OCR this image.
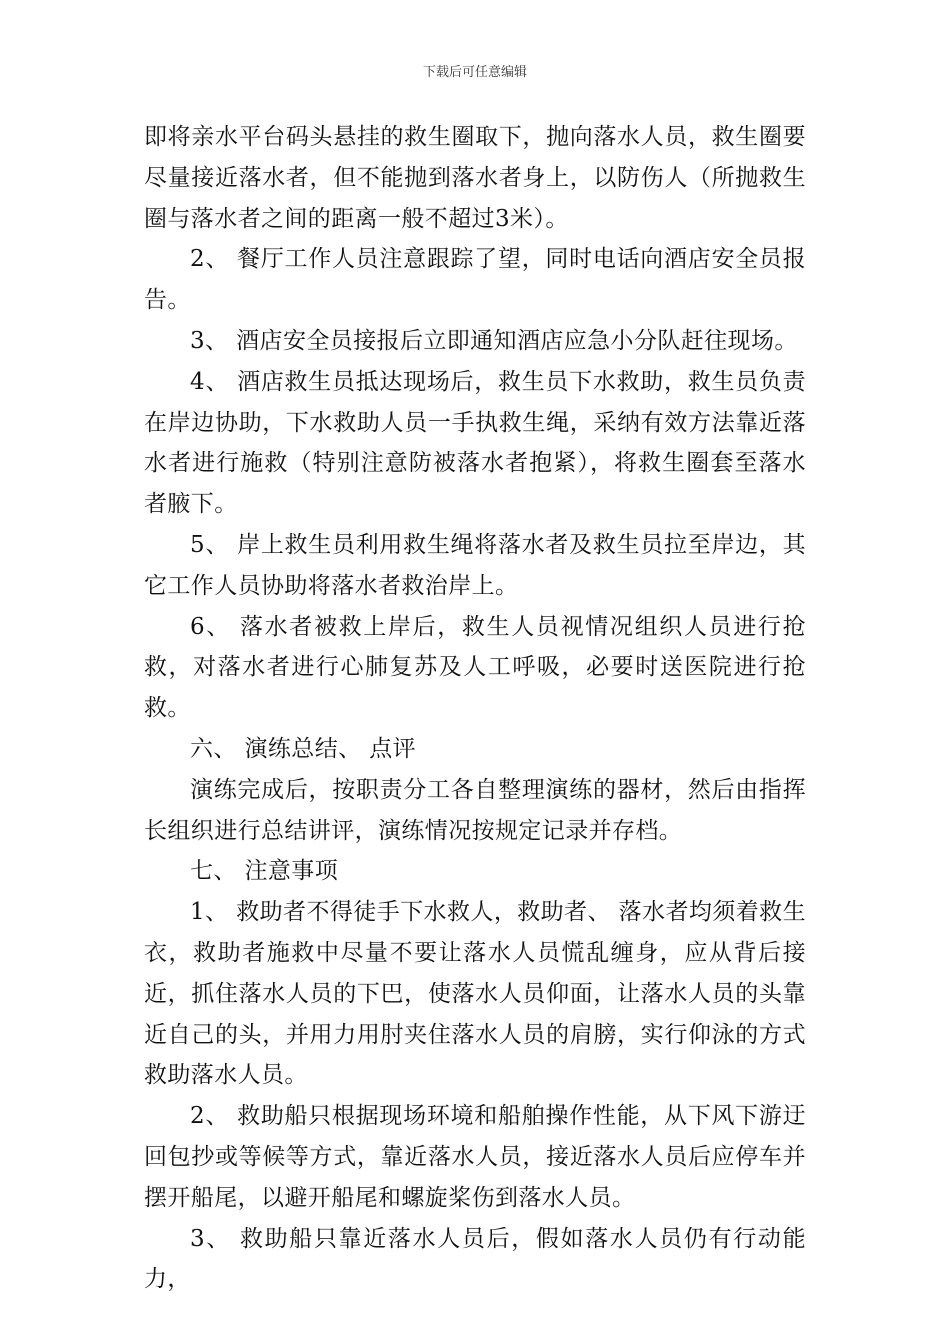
下载后可任意编辑

即将亲水平台码头悬挂的救生圈取下，抛向落水人员，救生圈要尽量接近落水者，但不能抛到落水者身上，以防伤人（所抛救生圈与落水者之间的距离一般不超过3米）。

2、 餐厅工作人员注意跟踪了望，同时电话向酒店安全员报告。

3、 酒店安全员接报后立即通知酒店应急小分队赶往现场。

4、 酒店救生员抵达现场后，救生员下水救助，救生员负责在岸边协助，下水救助人员一手执救生绳，采纳有效方法靠近落水者进行施救（特别注意防被落水者抱紧），将救生圈套至落水者腋下。

5、 岸上救生员利用救生绳将落水者及救生员拉至岸边，其它工作人员协助将落水者救治岸上。

6、 落水者被救上岸后，救生人员视情况组织人员进行抢救，对落水者进行心肺复苏及人工呼吸，必要时送医院进行抢救。

六、 演练总结、 点评

演练完成后，按职责分工各自整理演练的器材，然后由指挥长组织进行总结讲评，演练情况按规定记录并存档。

七、 注意事项

1、 救助者不得徒手下水救人，救助者、 落水者均须着救生衣，救助者施救中尽量不要让落水人员慌乱缠身，应从背后接近，抓住落水人员的下巴，使落水人员仰面，让落水人员的头靠近自己的头，并用力用肘夹住落水人员的肩膀，实行仰泳的方式救助落水人员。

2、 救助船只根据现场环境和船舶操作性能，从下风下游迂回包抄或等候等方式，靠近落水人员，接近落水人员后应停车并摆开船尾，以避开船尾和螺旋桨伤到落水人员。

3、 救助船只靠近落水人员后，假如落水人员仍有行动能力，
